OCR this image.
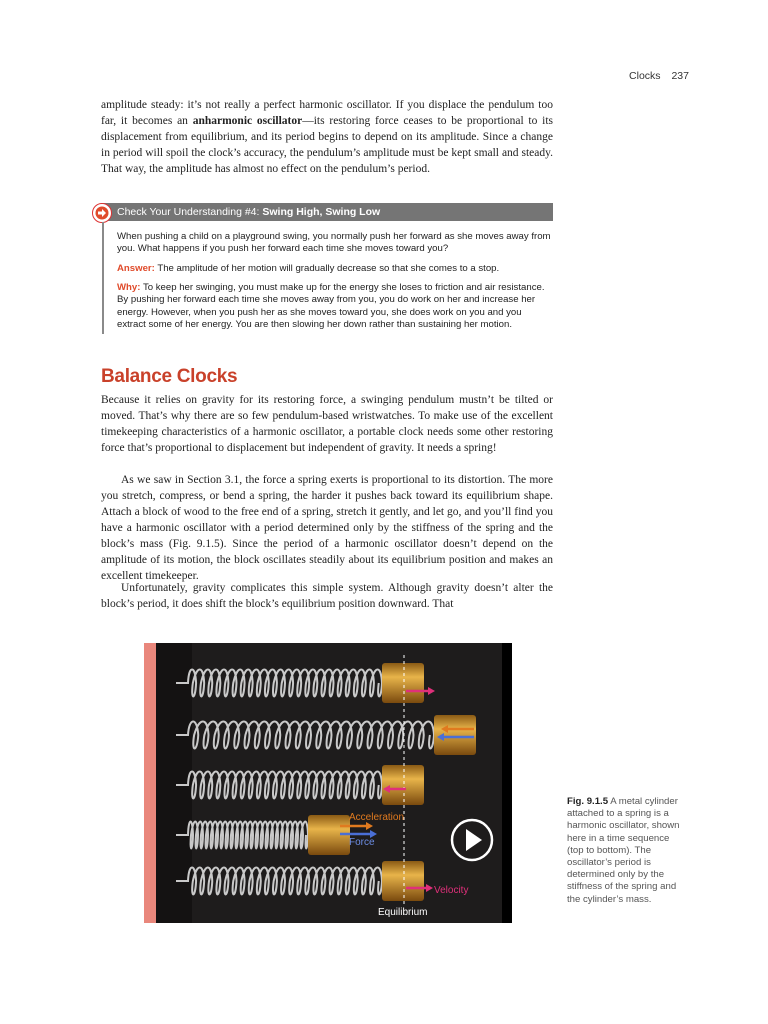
Clocks 237

amplitude steady: it’s not really a perfect harmonic oscillator. If you displace the pendulum too far, it becomes an anharmonic oscillator—its restoring force ceases to be proportional to its displacement from equilibrium, and its period begins to depend on its amplitude. Since a change in period will spoil the clock’s accuracy, the pendulum’s amplitude must be kept small and steady. That way, the amplitude has almost no effect on the pendulum’s period.

Check Your Understanding #4: Swing High, Swing Low

When pushing a child on a playground swing, you normally push her forward as she moves away from you. What happens if you push her forward each time she moves toward you?

Answer: The amplitude of her motion will gradually decrease so that she comes to a stop.

Why: To keep her swinging, you must make up for the energy she loses to friction and air resistance. By pushing her forward each time she moves away from you, you do work on her and increase her energy. However, when you push her as she moves toward you, she does work on you and you extract some of her energy. You are then slowing her down rather than sustaining her motion.

Balance Clocks

Because it relies on gravity for its restoring force, a swinging pendulum mustn’t be tilted or moved. That’s why there are so few pendulum-based wristwatches. To make use of the excellent timekeeping characteristics of a harmonic oscillator, a portable clock needs some other restoring force that’s proportional to displacement but independent of gravity. It needs a spring!

As we saw in Section 3.1, the force a spring exerts is proportional to its distortion. The more you stretch, compress, or bend a spring, the harder it pushes back toward its equilibrium shape. Attach a block of wood to the free end of a spring, stretch it gently, and let go, and you’ll find you have a harmonic oscillator with a period determined only by the stiffness of the spring and the block’s mass (Fig. 9.1.5). Since the period of a harmonic oscillator doesn’t depend on the amplitude of its motion, the block oscillates steadily about its equilibrium position and makes an excellent timekeeper.

Unfortunately, gravity complicates this simple system. Although gravity doesn’t alter the block’s period, it does shift the block’s equilibrium position downward. That

Acceleration
Force
Velocity
Equilibrium
Fig. 9.1.5 A metal cylinder attached to a spring is a harmonic oscillator, shown here in a time sequence (top to bottom). The oscillator’s period is determined only by the stiffness of the spring and the cylinder’s mass.
